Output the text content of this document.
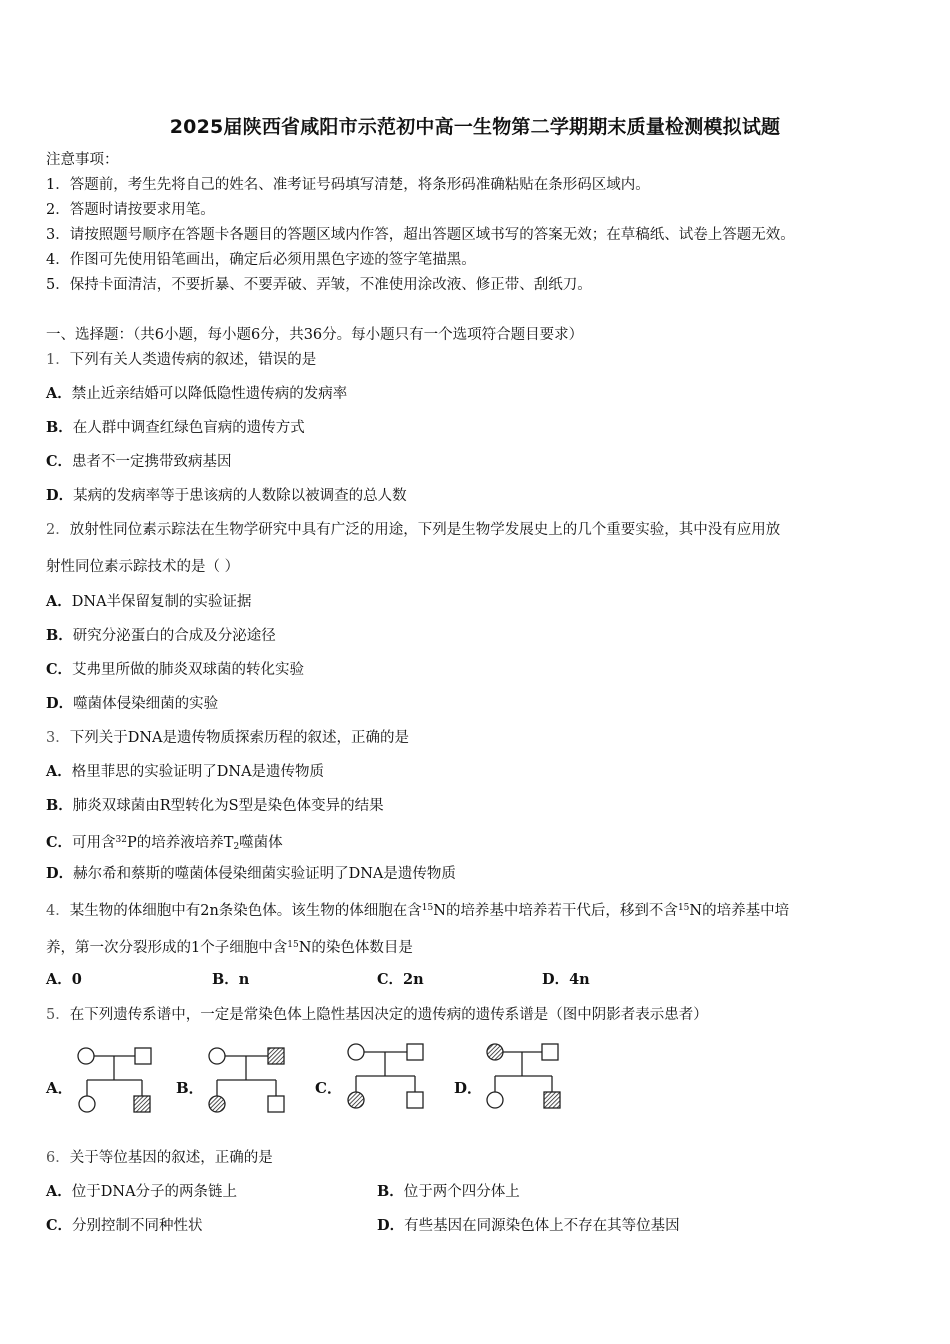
2025届陕西省咸阳市示范初中高一生物第二学期期末质量检测模拟试题
注意事项：
1．答题前，考生先将自己的姓名、准考证号码填写清楚，将条形码准确粘贴在条形码区域内。
2．答题时请按要求用笔。
3．请按照题号顺序在答题卡各题目的答题区域内作答，超出答题区域书写的答案无效；在草稿纸、试卷上答题无效。
4．作图可先使用铅笔画出，确定后必须用黑色字迹的签字笔描黑。
5．保持卡面清洁，不要折暴、不要弄破、弄皱，不准使用涂改液、修正带、刮纸刀。
一、选择题：（共6小题，每小题6分，共36分。每小题只有一个选项符合题目要求）
1．下列有关人类遗传病的叙述，错误的是
A．禁止近亲结婚可以降低隐性遗传病的发病率
B．在人群中调查红绿色盲病的遗传方式
C．患者不一定携带致病基因
D．某病的发病率等于患该病的人数除以被调查的总人数
2．放射性同位素示踪法在生物学研究中具有广泛的用途，下列是生物学发展史上的几个重要实验，其中没有应用放
射性同位素示踪技术的是（ ）
A．DNA半保留复制的实验证据
B．研究分泌蛋白的合成及分泌途径
C．艾弗里所做的肺炎双球菌的转化实验
D．噬菌体侵染细菌的实验
3．下列关于DNA是遗传物质探索历程的叙述，正确的是
A．格里菲思的实验证明了DNA是遗传物质
B．肺炎双球菌由R型转化为S型是染色体变异的结果
C．可用含$^{32}$P的培养液培养$T_2$噬菌体
D．赫尔希和蔡斯的噬菌体侵染细菌实验证明了DNA是遗传物质
4．某生物的体细胞中有2n条染色体。该生物的体细胞在含$^{15}$N的培养基中培养若干代后，移到不含$^{15}$N的培养基中培
养，第一次分裂形成的1个子细胞中含$^{15}$N的染色体数目是
A．0	B．n	C．2n	D．4n
5．在下列遗传系谱中，一定是常染色体上隐性基因决定的遗传病的遗传系谱是（图中阴影者表示患者）
A．	B．	C．	D．
6．关于等位基因的叙述，正确的是
A．位于DNA分子的两条链上	B．位于两个四分体上
C．分别控制不同种性状	D．有些基因在同源染色体上不存在其等位基因
